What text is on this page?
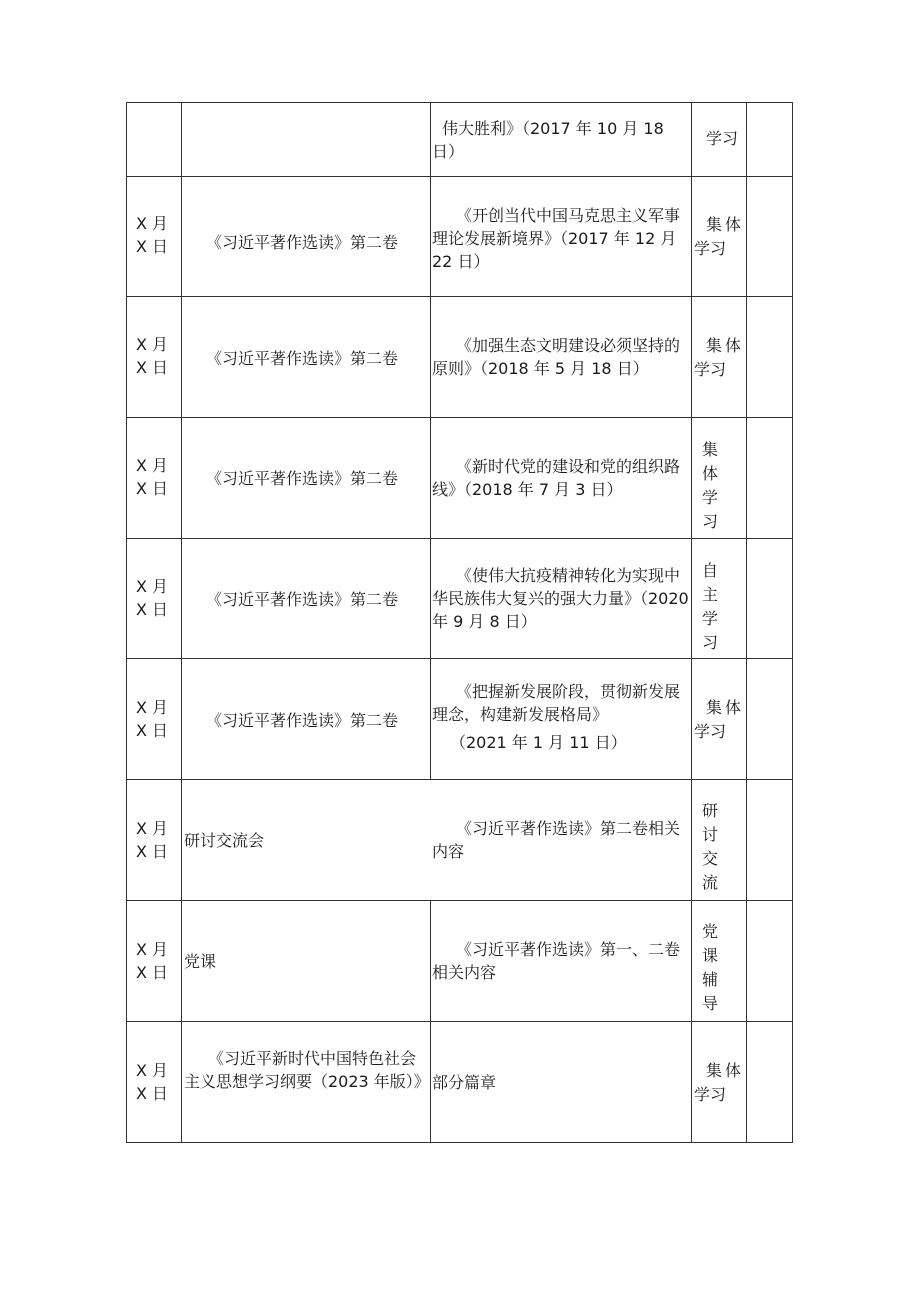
伟大胜利》（2017 年 10 月 18 日）
学习
X 月
X 日 《习近平著作选读》第二卷
《开创当代中国马克思主义军事理论发展新境界》（2017 年 12 月 22 日）
集 体
学习
X 月
X 日 《习近平著作选读》第二卷
《加强生态文明建设必须坚持的原则》（2018 年 5 月 18 日）
集 体
学习
X 月
X 日
《习近平著作选读》第二卷
《新时代党的建设和党的组织路线》（2018 年 7 月 3 日）
集
体
学
习
X 月
X 日
《习近平著作选读》第二卷
《使伟大抗疫精神转化为实现中华民族伟大复兴的强大力量》（2020 年 9 月 8 日）
自
主
学
习
X 月
X 日
《习近平著作选读》第二卷
《把握新发展阶段，贯彻新发展理念，构建新发展格局》
（2021 年 1 月 11 日）
集 体
学习
X 月
X 日
研讨交流会
《习近平著作选读》第二卷相关内容
研
讨
交
流
X 月
X 日
党课
《习近平著作选读》第一、二卷相关内容
党
课
辅
导
X 月
X 日
《习近平新时代中国特色社会主义思想学习纲要（2023 年版）》 部分篇章
集 体
学习
